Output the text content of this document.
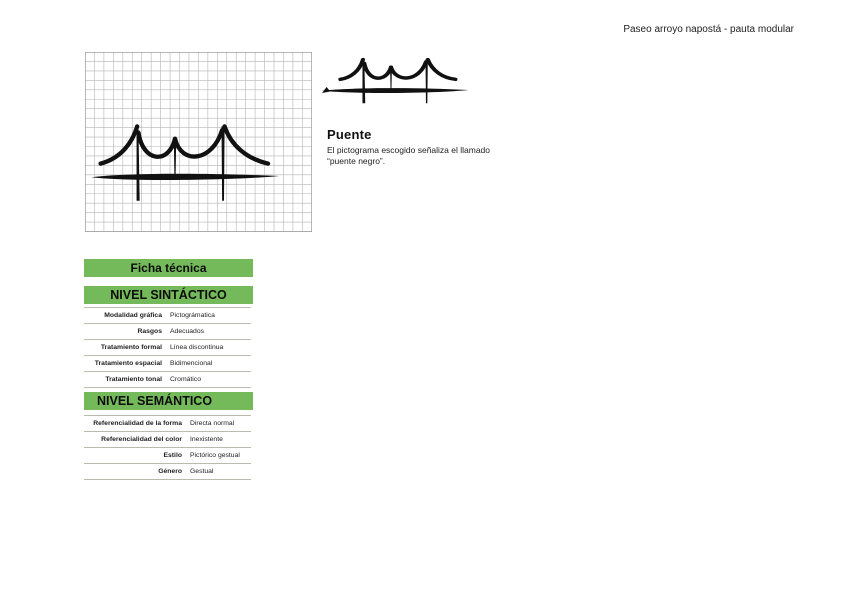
Paseo arroyo napostá - pauta modular
Puente

El pictograma escogido señaliza el llamado “puente negro”.

Ficha técnica
NIVEL SINTÁCTICO
Modalidad gráfica	Pictográmatica
Rasgos	Adecuados
Tratamiento formal	Línea discontinua
Tratamiento espacial	Bidimencional
Tratamiento tonal	Cromático
NIVEL SEMÁNTICO
Referencialidad de la forma	Directa normal
Referencialidad del color	Inexistente
Estilo	Pictórico gestual
Género	Gestual
